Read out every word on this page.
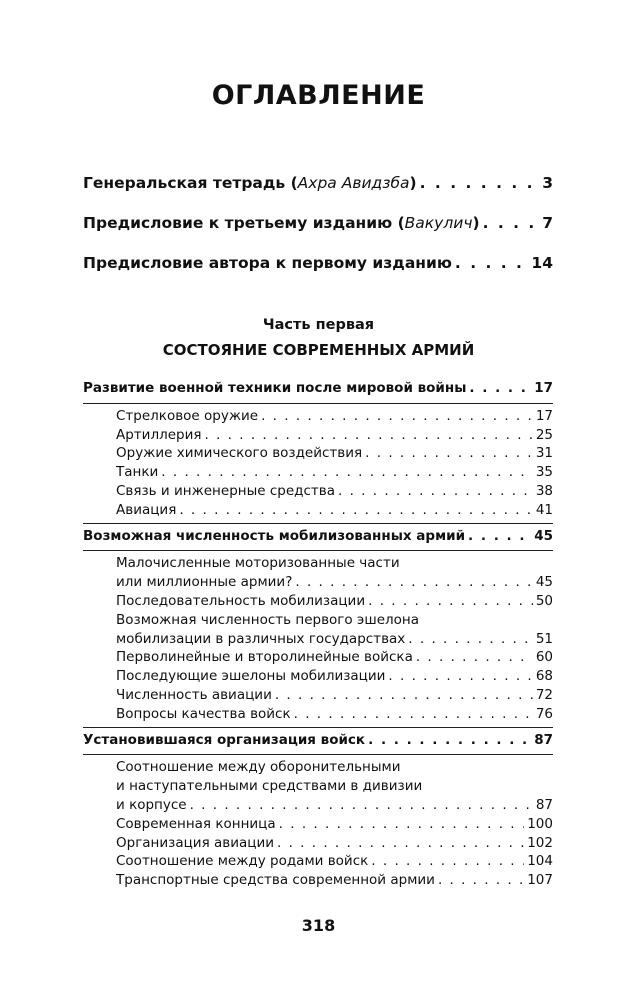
ОГЛАВЛЕНИЕ
Генеральская тетрадь (Ахра Авидзба) . . .	3
Предисловие к третьему изданию (Вакулич) . . .	7
Предисловие автора к первому изданию . . .	14
Часть первая
СОСТОЯНИЕ СОВРЕМЕННЫХ АРМИЙ
Развитие военной техники после мировой войны . . .	17
Стрелковое оружие . . .	17
Артиллерия . . .	25
Оружие химического воздействия . . .	31
Танки . . .	35
Связь и инженерные средства . . .	38
Авиация . . .	41
Возможная численность мобилизованных армий . . .	45
Малочисленные моторизованные части
или миллионные армии? . . .	45
Последовательность мобилизации . . .	50
Возможная численность первого эшелона
мобилизации в различных государствах . . .	51
Перволинейные и второлинейные войска . . .	60
Последующие эшелоны мобилизации . . .	68
Численность авиации . . .	72
Вопросы качества войск . . .	76
Установившаяся организация войск . . .	87
Соотношение между оборонительными
и наступательными средствами в дивизии
и корпусе . . .	87
Современная конница . . .	100
Организация авиации . . .	102
Соотношение между родами войск . . .	104
Транспортные средства современной армии . . .	107
318
